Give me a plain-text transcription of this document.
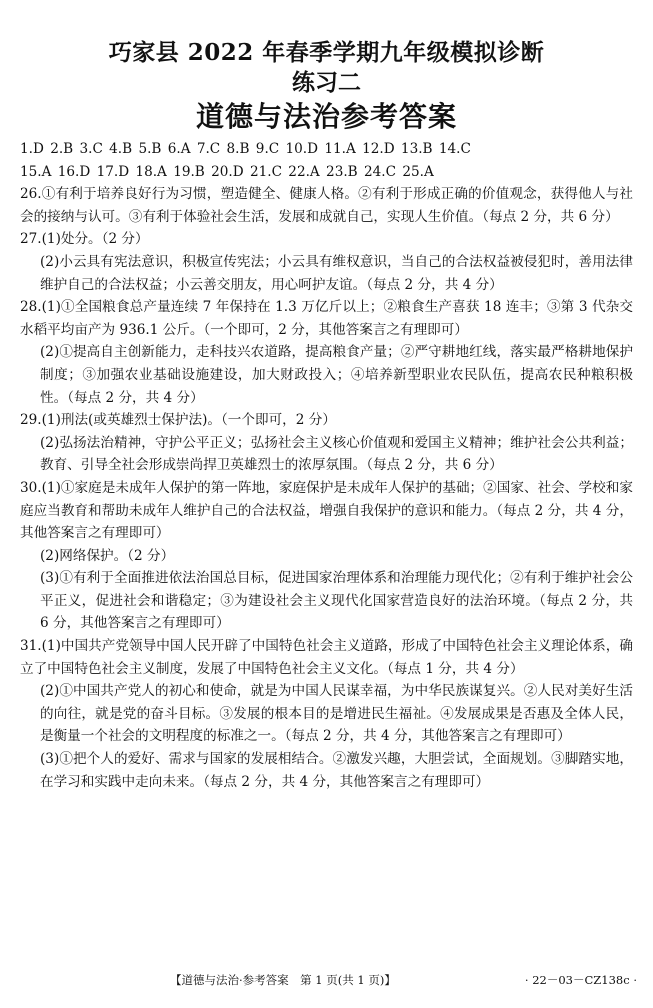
巧家县 2022 年春季学期九年级模拟诊断
练习二
道德与法治参考答案
1.D 2.B 3.C 4.B 5.B 6.A 7.C 8.B 9.C 10.D 11.A 12.D 13.B 14.C
15.A 16.D 17.D 18.A 19.B 20.D 21.C 22.A 23.B 24.C 25.A
26.①有利于培养良好行为习惯，塑造健全、健康人格。②有利于形成正确的价值观念，获得他人与社会的接纳与认可。③有利于体验社会生活，发展和成就自己，实现人生价值。（每点 2 分，共 6 分）
27.(1)处分。（2 分）
(2)小云具有宪法意识，积极宣传宪法；小云具有维权意识，当自己的合法权益被侵犯时，善用法律维护自己的合法权益；小云善交朋友，用心呵护友谊。（每点 2 分，共 4 分）
28.(1)①全国粮食总产量连续 7 年保持在 1.3 万亿斤以上；②粮食生产喜获 18 连丰；③第 3 代杂交水稻平均亩产为 936.1 公斤。（一个即可，2 分，其他答案言之有理即可）
(2)①提高自主创新能力，走科技兴农道路，提高粮食产量；②严守耕地红线，落实最严格耕地保护制度；③加强农业基础设施建设，加大财政投入；④培养新型职业农民队伍，提高农民种粮积极性。（每点 2 分，共 4 分）
29.(1)刑法(或英雄烈士保护法)。（一个即可，2 分）
(2)弘扬法治精神，守护公平正义；弘扬社会主义核心价值观和爱国主义精神；维护社会公共利益；教育、引导全社会形成崇尚捍卫英雄烈士的浓厚氛围。（每点 2 分，共 6 分）
30.(1)①家庭是未成年人保护的第一阵地，家庭保护是未成年人保护的基础；②国家、社会、学校和家庭应当教育和帮助未成年人维护自己的合法权益，增强自我保护的意识和能力。（每点 2 分，共 4 分，其他答案言之有理即可）
(2)网络保护。（2 分）
(3)①有利于全面推进依法治国总目标，促进国家治理体系和治理能力现代化；②有利于维护社会公平正义，促进社会和谐稳定；③为建设社会主义现代化国家营造良好的法治环境。（每点 2 分，共 6 分，其他答案言之有理即可）
31.(1)中国共产党领导中国人民开辟了中国特色社会主义道路，形成了中国特色社会主义理论体系，确立了中国特色社会主义制度，发展了中国特色社会主义文化。（每点 1 分，共 4 分）
(2)①中国共产党人的初心和使命，就是为中国人民谋幸福，为中华民族谋复兴。②人民对美好生活的向往，就是党的奋斗目标。③发展的根本目的是增进民生福祉。④发展成果是否惠及全体人民，是衡量一个社会的文明程度的标准之一。（每点 2 分，共 4 分，其他答案言之有理即可）
(3)①把个人的爱好、需求与国家的发展相结合。②激发兴趣，大胆尝试，全面规划。③脚踏实地，在学习和实践中走向未来。（每点 2 分，共 4 分，其他答案言之有理即可）
【道德与法治·参考答案　第 1 页(共 1 页)】	· 22－03－CZ138c ·
